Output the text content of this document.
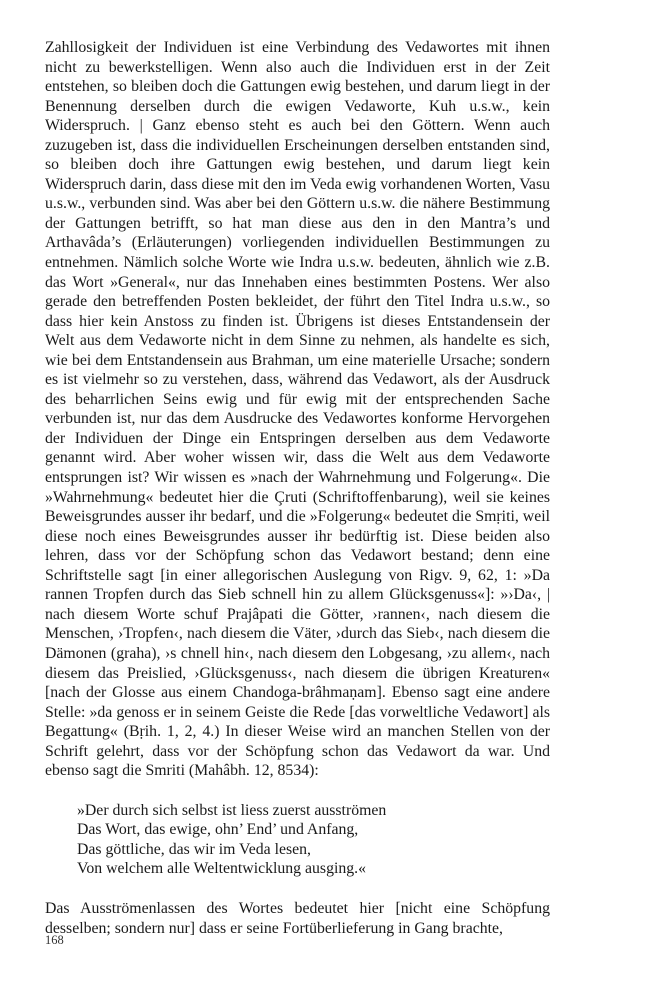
Zahllosigkeit der Individuen ist eine Verbindung des Vedawortes mit ihnen nicht zu bewerkstelligen. Wenn also auch die Individuen erst in der Zeit entstehen, so bleiben doch die Gattungen ewig bestehen, und darum liegt in der Benennung derselben durch die ewigen Vedaworte, Kuh u.s.w., kein Widerspruch. | Ganz ebenso steht es auch bei den Göttern. Wenn auch zuzugeben ist, dass die individuellen Erscheinungen derselben entstanden sind, so bleiben doch ihre Gattungen ewig bestehen, und darum liegt kein Widerspruch darin, dass diese mit den im Veda ewig vorhandenen Worten, Vasu u.s.w., verbunden sind. Was aber bei den Göttern u.s.w. die nähere Bestimmung der Gattungen betrifft, so hat man diese aus den in den Mantra’s und Arthavâda’s (Erläuterungen) vorliegenden individuellen Bestimmungen zu entnehmen. Nämlich solche Worte wie Indra u.s.w. bedeuten, ähnlich wie z.B. das Wort »General«, nur das Innehaben eines bestimmten Postens. Wer also gerade den betreffenden Posten bekleidet, der führt den Titel Indra u.s.w., so dass hier kein Anstoss zu finden ist. Übrigens ist dieses Entstandensein der Welt aus dem Vedaworte nicht in dem Sinne zu nehmen, als handelte es sich, wie bei dem Entstandensein aus Brahman, um eine materielle Ursache; sondern es ist vielmehr so zu verstehen, dass, während das Vedawort, als der Ausdruck des beharrlichen Seins ewig und für ewig mit der entsprechenden Sache verbunden ist, nur das dem Ausdrucke des Vedawortes konforme Hervorgehen der Individuen der Dinge ein Entspringen derselben aus dem Vedaworte genannt wird. Aber woher wissen wir, dass die Welt aus dem Vedaworte entsprungen ist? Wir wissen es »nach der Wahrnehmung und Folgerung«. Die »Wahrnehmung« bedeutet hier die Çruti (Schriftoffenbarung), weil sie keines Beweisgrundes ausser ihr bedarf, und die »Folgerung« bedeutet die Smṛiti, weil diese noch eines Beweisgrundes ausser ihr bedürftig ist. Diese beiden also lehren, dass vor der Schöpfung schon das Vedawort bestand; denn eine Schriftstelle sagt [in einer allegorischen Auslegung von Rigv. 9, 62, 1: »Da rannen Tropfen durch das Sieb schnell hin zu allem Glücksgenuss«]: »›Da‹, | nach diesem Worte schuf Prajâpati die Götter, ›rannen‹, nach diesem die Menschen, ›Tropfen‹, nach diesem die Väter, ›durch das Sieb‹, nach diesem die Dämonen (graha), ›s chnell hin‹, nach diesem den Lobgesang, ›zu allem‹, nach diesem das Preislied, ›Glücksgenuss‹, nach diesem die übrigen Kreaturen« [nach der Glosse aus einem Chandoga-brâhmaṇam]. Ebenso sagt eine andere Stelle: »da genoss er in seinem Geiste die Rede [das vorweltliche Vedawort] als Begattung« (Bṛih. 1, 2, 4.) In dieser Weise wird an manchen Stellen von der Schrift gelehrt, dass vor der Schöpfung schon das Vedawort da war. Und ebenso sagt die Smriti (Mahâbh. 12, 8534):

»Der durch sich selbst ist liess zuerst ausströmen
Das Wort, das ewige, ohn’ End’ und Anfang,
Das göttliche, das wir im Veda lesen,
Von welchem alle Weltentwicklung ausging.«

Das Ausströmenlassen des Wortes bedeutet hier [nicht eine Schöpfung desselben; sondern nur] dass er seine Fortüberlieferung in Gang brachte,

168
